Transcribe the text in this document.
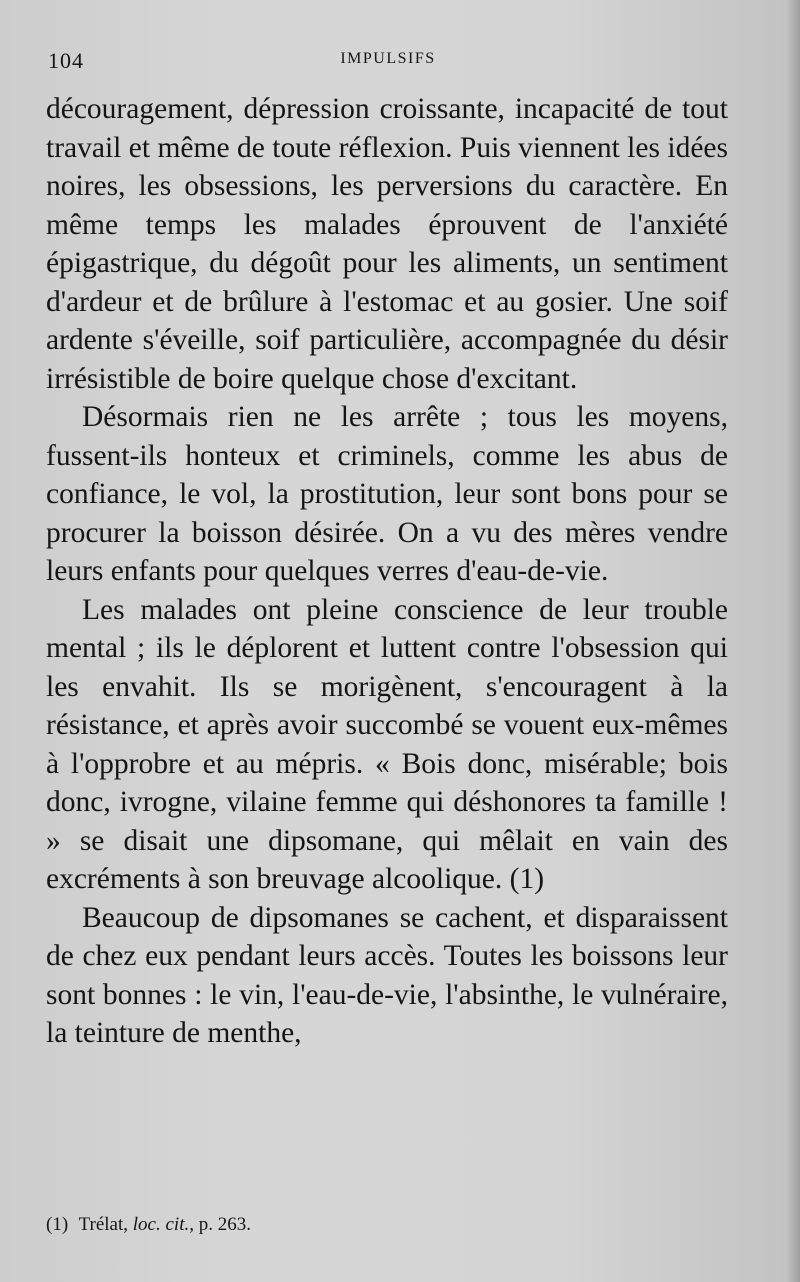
104	IMPULSIFS

découragement, dépression croissante, incapacité de tout travail et même de toute réflexion. Puis viennent les idées noires, les obsessions, les perversions du caractère. En même temps les malades éprouvent de l'anxiété épigastrique, du dégoût pour les aliments, un sentiment d'ardeur et de brûlure à l'estomac et au gosier. Une soif ardente s'éveille, soif particulière, accompagnée du désir irrésistible de boire quelque chose d'excitant.

Désormais rien ne les arrête ; tous les moyens, fussent-ils honteux et criminels, comme les abus de confiance, le vol, la prostitution, leur sont bons pour se procurer la boisson désirée. On a vu des mères vendre leurs enfants pour quelques verres d'eau-de-vie.

Les malades ont pleine conscience de leur trouble mental ; ils le déplorent et luttent contre l'obsession qui les envahit. Ils se morigènent, s'encouragent à la résistance, et après avoir succombé se vouent eux-mêmes à l'opprobre et au mépris. « Bois donc, misérable; bois donc, ivrogne, vilaine femme qui déshonores ta famille ! » se disait une dipsomane, qui mêlait en vain des excréments à son breuvage alcoolique. (1)

Beaucoup de dipsomanes se cachent, et disparaissent de chez eux pendant leurs accès. Toutes les boissons leur sont bonnes : le vin, l'eau-de-vie, l'absinthe, le vulnéraire, la teinture de menthe,

(1) Trélat, loc. cit., p. 263.
